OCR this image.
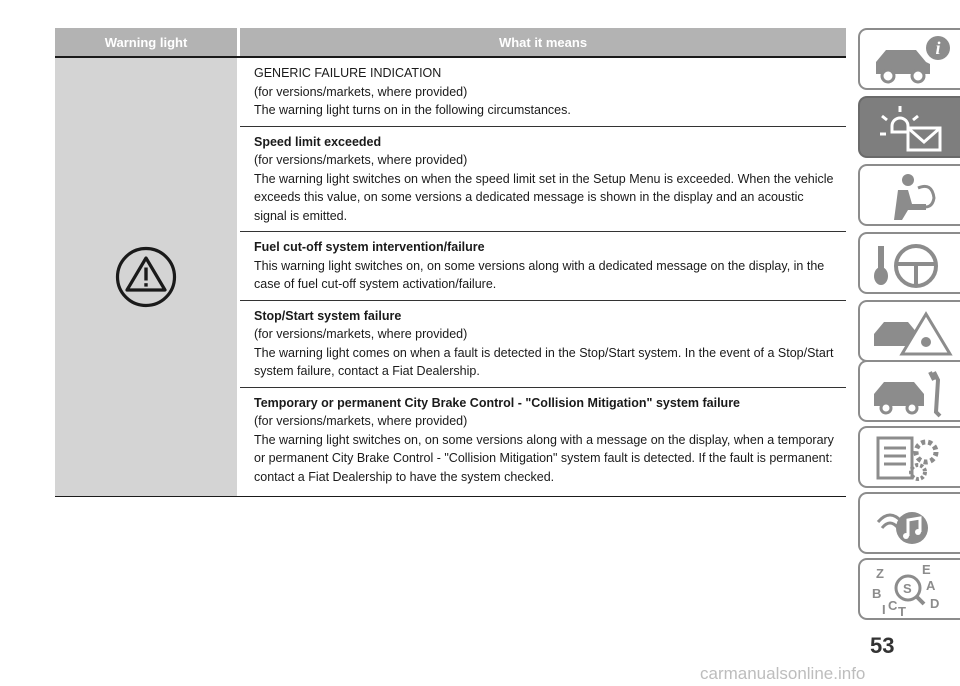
Warning light	What it means
GENERIC FAILURE INDICATION
(for versions/markets, where provided)
The warning light turns on in the following circumstances.
Speed limit exceeded
(for versions/markets, where provided)
The warning light switches on when the speed limit set in the Setup Menu is exceeded. When the vehicle exceeds this value, on some versions a dedicated message is shown in the display and an acoustic signal is emitted.
Fuel cut-off system intervention/failure
This warning light switches on, on some versions along with a dedicated message on the display, in the case of fuel cut-off system activation/failure.
Stop/Start system failure
(for versions/markets, where provided)
The warning light comes on when a fault is detected in the Stop/Start system. In the event of a Stop/Start system failure, contact a Fiat Dealership.
Temporary or permanent City Brake Control - "Collision Mitigation" system failure
(for versions/markets, where provided)
The warning light switches on, on some versions along with a message on the display, when a temporary or permanent City Brake Control - "Collision Mitigation" system fault is detected. If the fault is permanent: contact a Fiat Dealership to have the system checked.
i
Z	E
S A
B
C T
D
I
53
carmanualsonline.info
